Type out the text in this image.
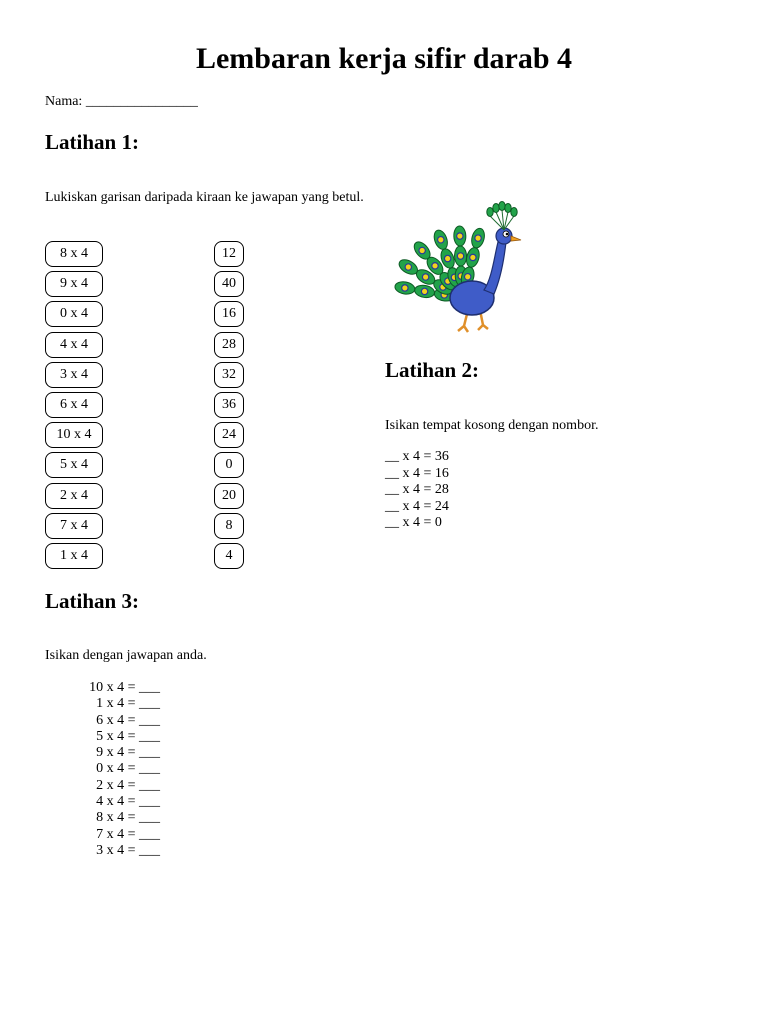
Lembaran kerja sifir darab 4
Nama: ________________
Latihan 1:
Lukiskan garisan daripada kiraan ke jawapan yang betul.
8 x 4
9 x 4
0 x 4
4 x 4
3 x 4
6 x 4
10 x 4
5 x 4
2 x 4
7 x 4
1 x 4
12
40
16
28
32
36
24
0
20
8
4
Latihan 2:
Isikan tempat kosong dengan nombor.
__ x 4 = 36
__ x 4 = 16
__ x 4 = 28
__ x 4 = 24
__ x 4 = 0
Latihan 3:
Isikan dengan jawapan anda.
10 x 4 = ___
1 x 4 = ___
6 x 4 = ___
5 x 4 = ___
9 x 4 = ___
0 x 4 = ___
2 x 4 = ___
4 x 4 = ___
8 x 4 = ___
7 x 4 = ___
3 x 4 = ___
